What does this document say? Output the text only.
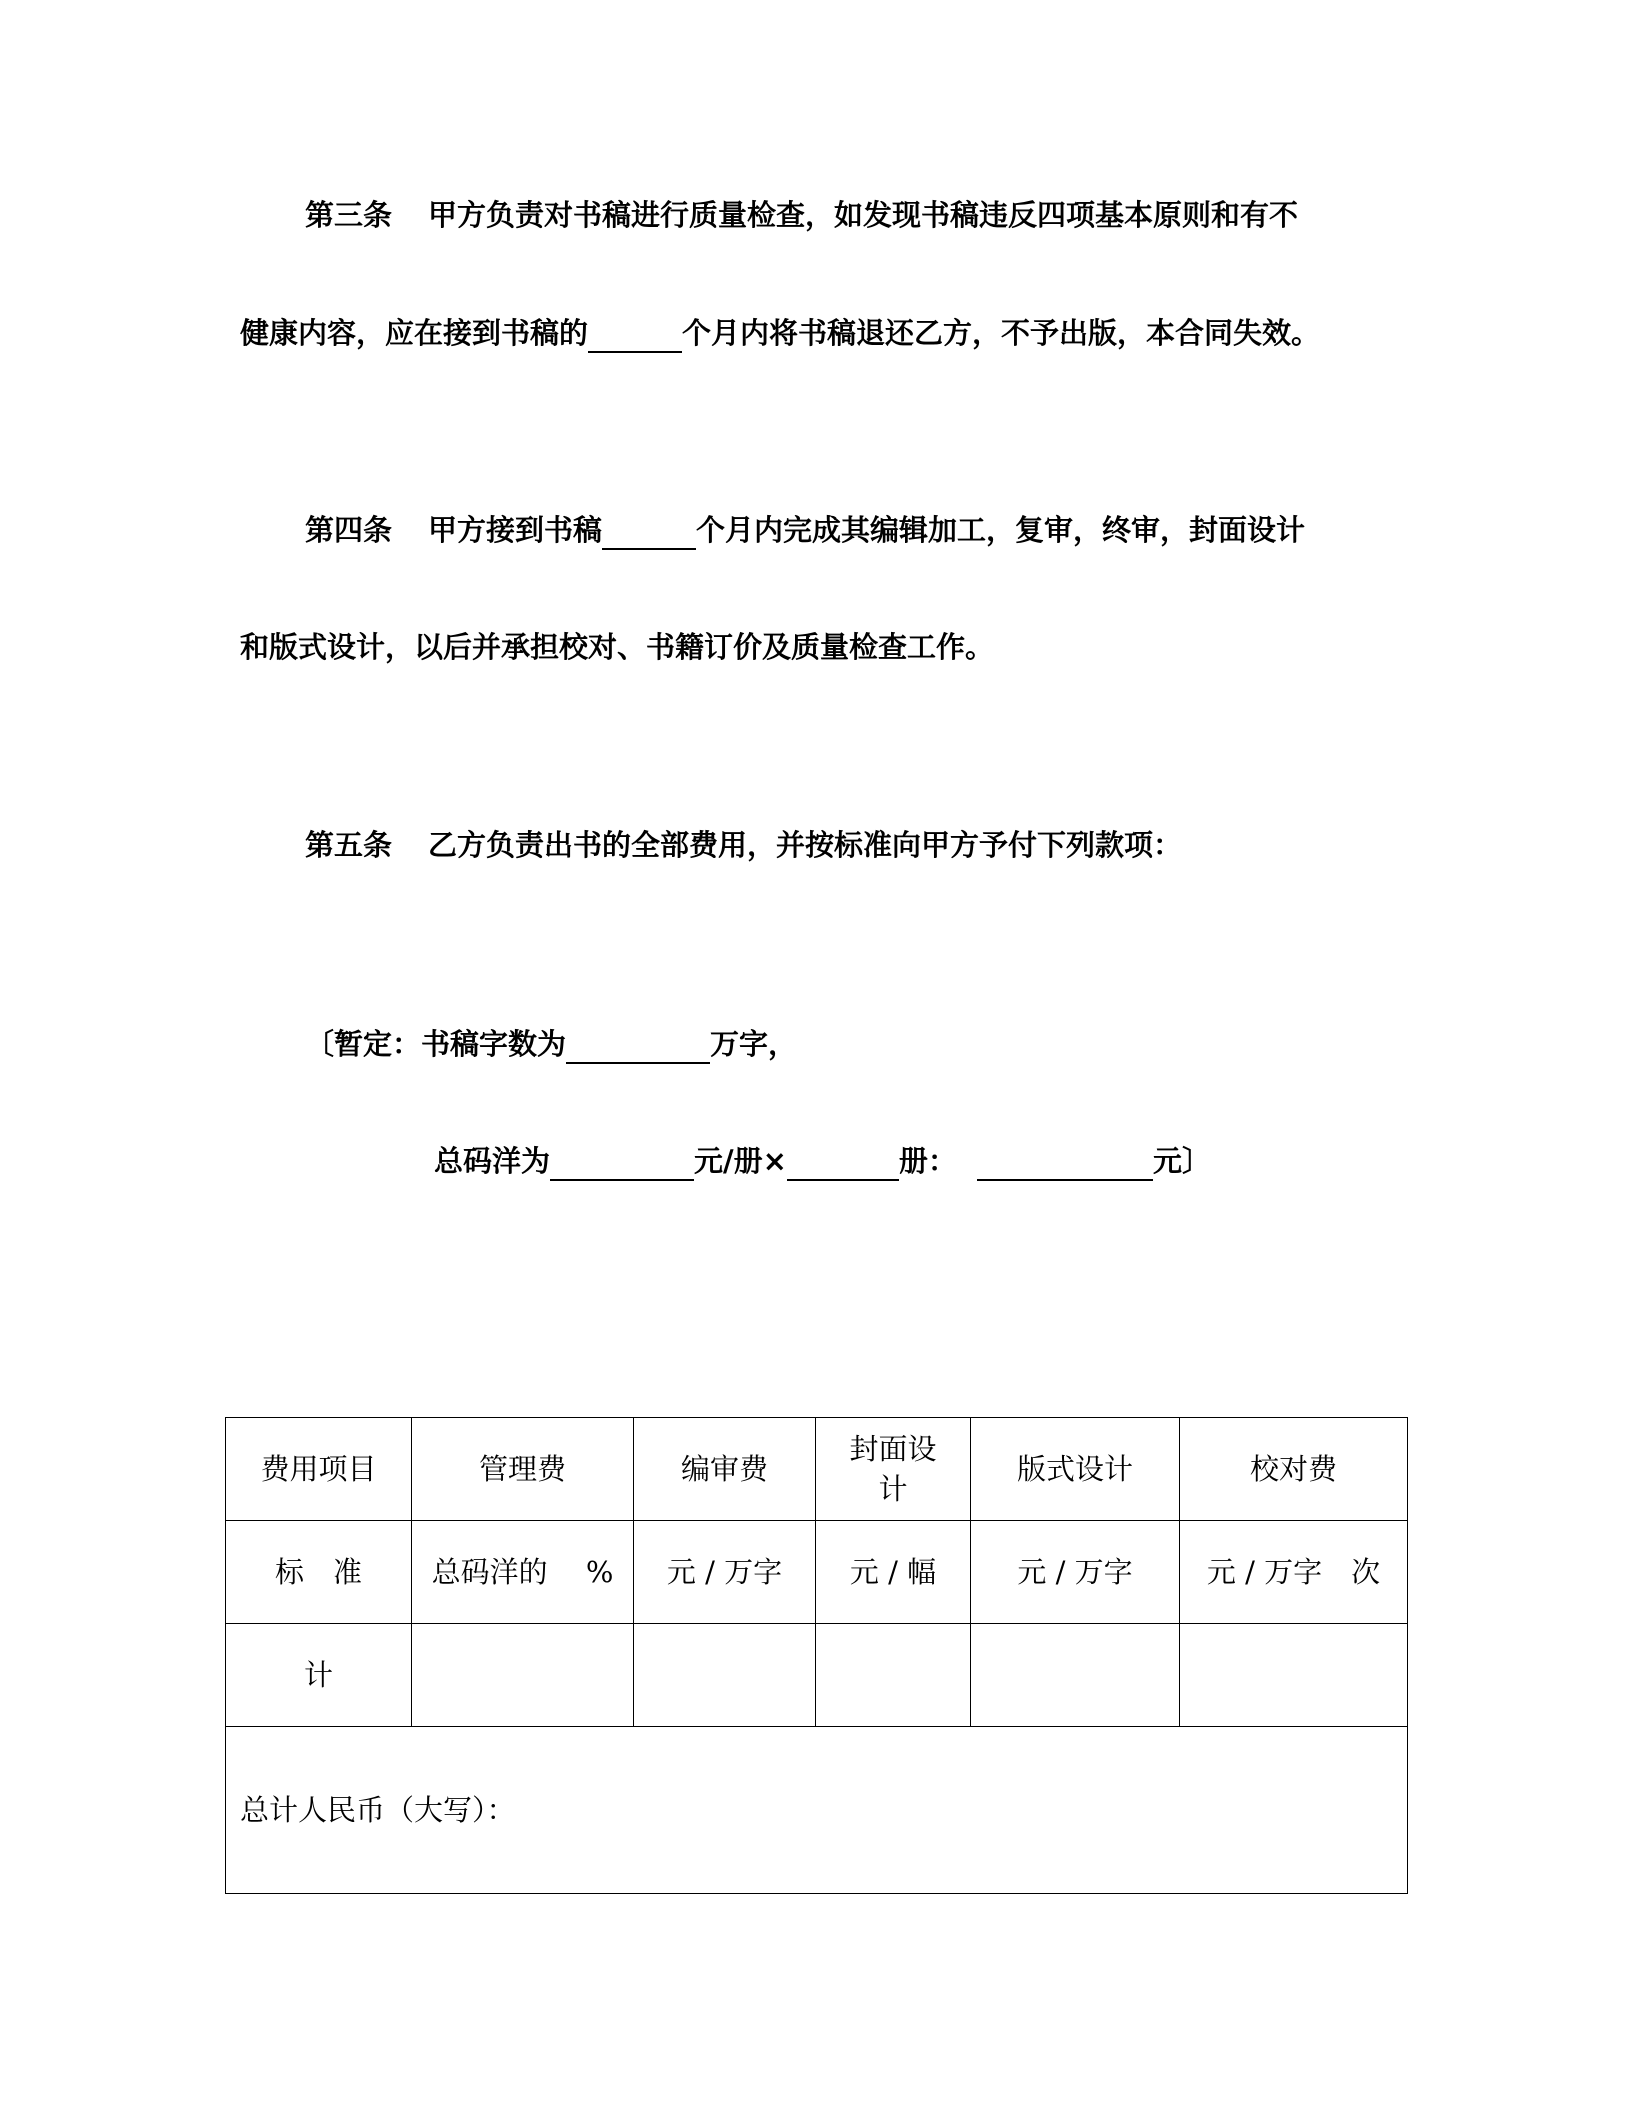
第三条 甲方负责对书稿进行质量检查，如发现书稿违反四项基本原则和有不
健康内容，应在接到书稿的	个月内将书稿退还乙方，不予出版，本合同失效。
第四条 甲方接到书稿	个月内完成其编辑加工，复审，终审，封面设计
和版式设计，以后并承担校对、书籍订价及质量检查工作。
第五条 乙方负责出书的全部费用，并按标准向甲方予付下列款项：
〔暂定：书稿字数为	万字，
总码洋为	元/册×	册：	元〕
费用项目	管理费	编审费	封面设计	版式设计	校对费
标　准	总码洋的　 %	元 / 万字	元 / 幅	元 / 万字	元 / 万字　次
计					
总计人民币（大写）：					
